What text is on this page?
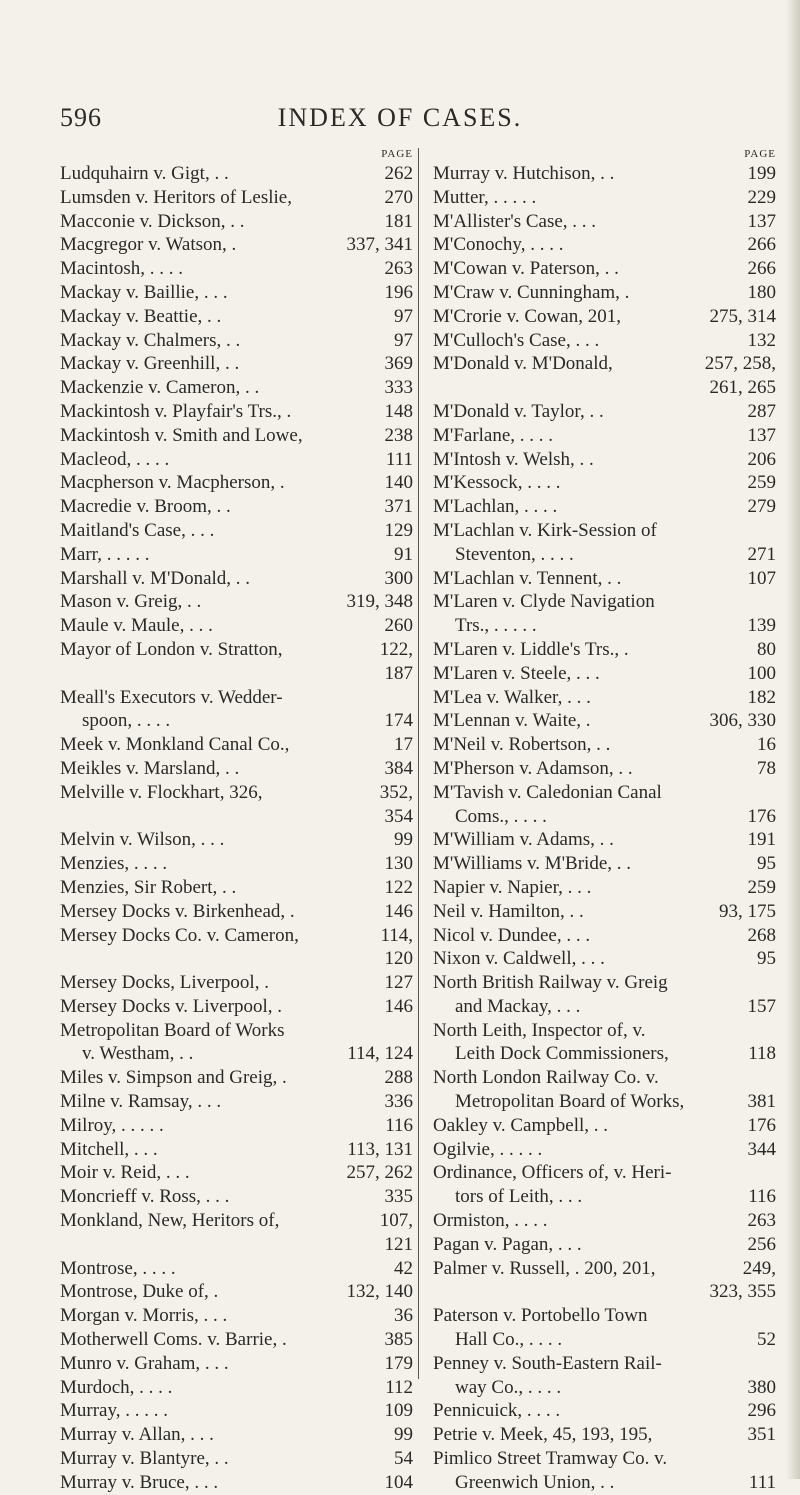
596	INDEX OF CASES.
PAGE
Ludquhairn v. Gigt, . .	262
Lumsden v. Heritors of Leslie,	270
Macconie v. Dickson, . .	181
Macgregor v. Watson, .	337, 341
Macintosh, . . . .	263
Mackay v. Baillie, . . .	196
Mackay v. Beattie, . .	97
Mackay v. Chalmers, . .	97
Mackay v. Greenhill, . .	369
Mackenzie v. Cameron, . .	333
Mackintosh v. Playfair's Trs., .	148
Mackintosh v. Smith and Lowe,	238
Macleod, . . . .	111
Macpherson v. Macpherson, .	140
Macredie v. Broom, . .	371
Maitland's Case, . . .	129
Marr, . . . . .	91
Marshall v. M'Donald, . .	300
Mason v. Greig, . .	319, 348
Maule v. Maule, . . .	260
Mayor of London v. Stratton,	122,
187
Meall's Executors v. Wedder-
spoon, . . . .	174
Meek v. Monkland Canal Co.,	17
Meikles v. Marsland, . .	384
Melville v. Flockhart, 326,	352,
354
Melvin v. Wilson, . . .	99
Menzies, . . . .	130
Menzies, Sir Robert, . .	122
Mersey Docks v. Birkenhead, .	146
Mersey Docks Co. v. Cameron,	114,
120
Mersey Docks, Liverpool, .	127
Mersey Docks v. Liverpool, .	146
Metropolitan Board of Works
v. Westham, . .	114, 124
Miles v. Simpson and Greig, .	288
Milne v. Ramsay, . . .	336
Milroy, . . . . .	116
Mitchell, . . .	113, 131
Moir v. Reid, . . .	257, 262
Moncrieff v. Ross, . . .	335
Monkland, New, Heritors of,	107,
121
Montrose, . . . .	42
Montrose, Duke of, .	132, 140
Morgan v. Morris, . . .	36
Motherwell Coms. v. Barrie, .	385
Munro v. Graham, . . .	179
Murdoch, . . . .	112
Murray, . . . . .	109
Murray v. Allan, . . .	99
Murray v. Blantyre, . .	54
Murray v. Bruce, . . .	104
PAGE
Murray v. Hutchison, . .	199
Mutter, . . . . .	229
M'Allister's Case, . . .	137
M'Conochy, . . . .	266
M'Cowan v. Paterson, . .	266
M'Craw v. Cunningham, .	180
M'Crorie v. Cowan, 201,	275, 314
M'Culloch's Case, . . .	132
M'Donald v. M'Donald,	257, 258,
261, 265
M'Donald v. Taylor, . .	287
M'Farlane, . . . .	137
M'Intosh v. Welsh, . .	206
M'Kessock, . . . .	259
M'Lachlan, . . . .	279
M'Lachlan v. Kirk-Session of
Steventon, . . . .	271
M'Lachlan v. Tennent, . .	107
M'Laren v. Clyde Navigation
Trs., . . . . .	139
M'Laren v. Liddle's Trs., .	80
M'Laren v. Steele, . . .	100
M'Lea v. Walker, . . .	182
M'Lennan v. Waite, .	306, 330
M'Neil v. Robertson, . .	16
M'Pherson v. Adamson, . .	78
M'Tavish v. Caledonian Canal
Coms., . . . .	176
M'William v. Adams, . .	191
M'Williams v. M'Bride, . .	95
Napier v. Napier, . . .	259
Neil v. Hamilton, . .	93, 175
Nicol v. Dundee, . . .	268
Nixon v. Caldwell, . . .	95
North British Railway v. Greig
and Mackay, . . .	157
North Leith, Inspector of, v.
Leith Dock Commissioners,	118
North London Railway Co. v.
Metropolitan Board of Works,	381
Oakley v. Campbell, . .	176
Ogilvie, . . . . .	344
Ordinance, Officers of, v. Heri-
tors of Leith, . . .	116
Ormiston, . . . .	263
Pagan v. Pagan, . . .	256
Palmer v. Russell, . 200, 201,	249,
323, 355
Paterson v. Portobello Town
Hall Co., . . . .	52
Penney v. South-Eastern Rail-
way Co., . . . .	380
Pennicuick, . . . .	296
Petrie v. Meek, 45, 193, 195,	351
Pimlico Street Tramway Co. v.
Greenwich Union, . .	111
